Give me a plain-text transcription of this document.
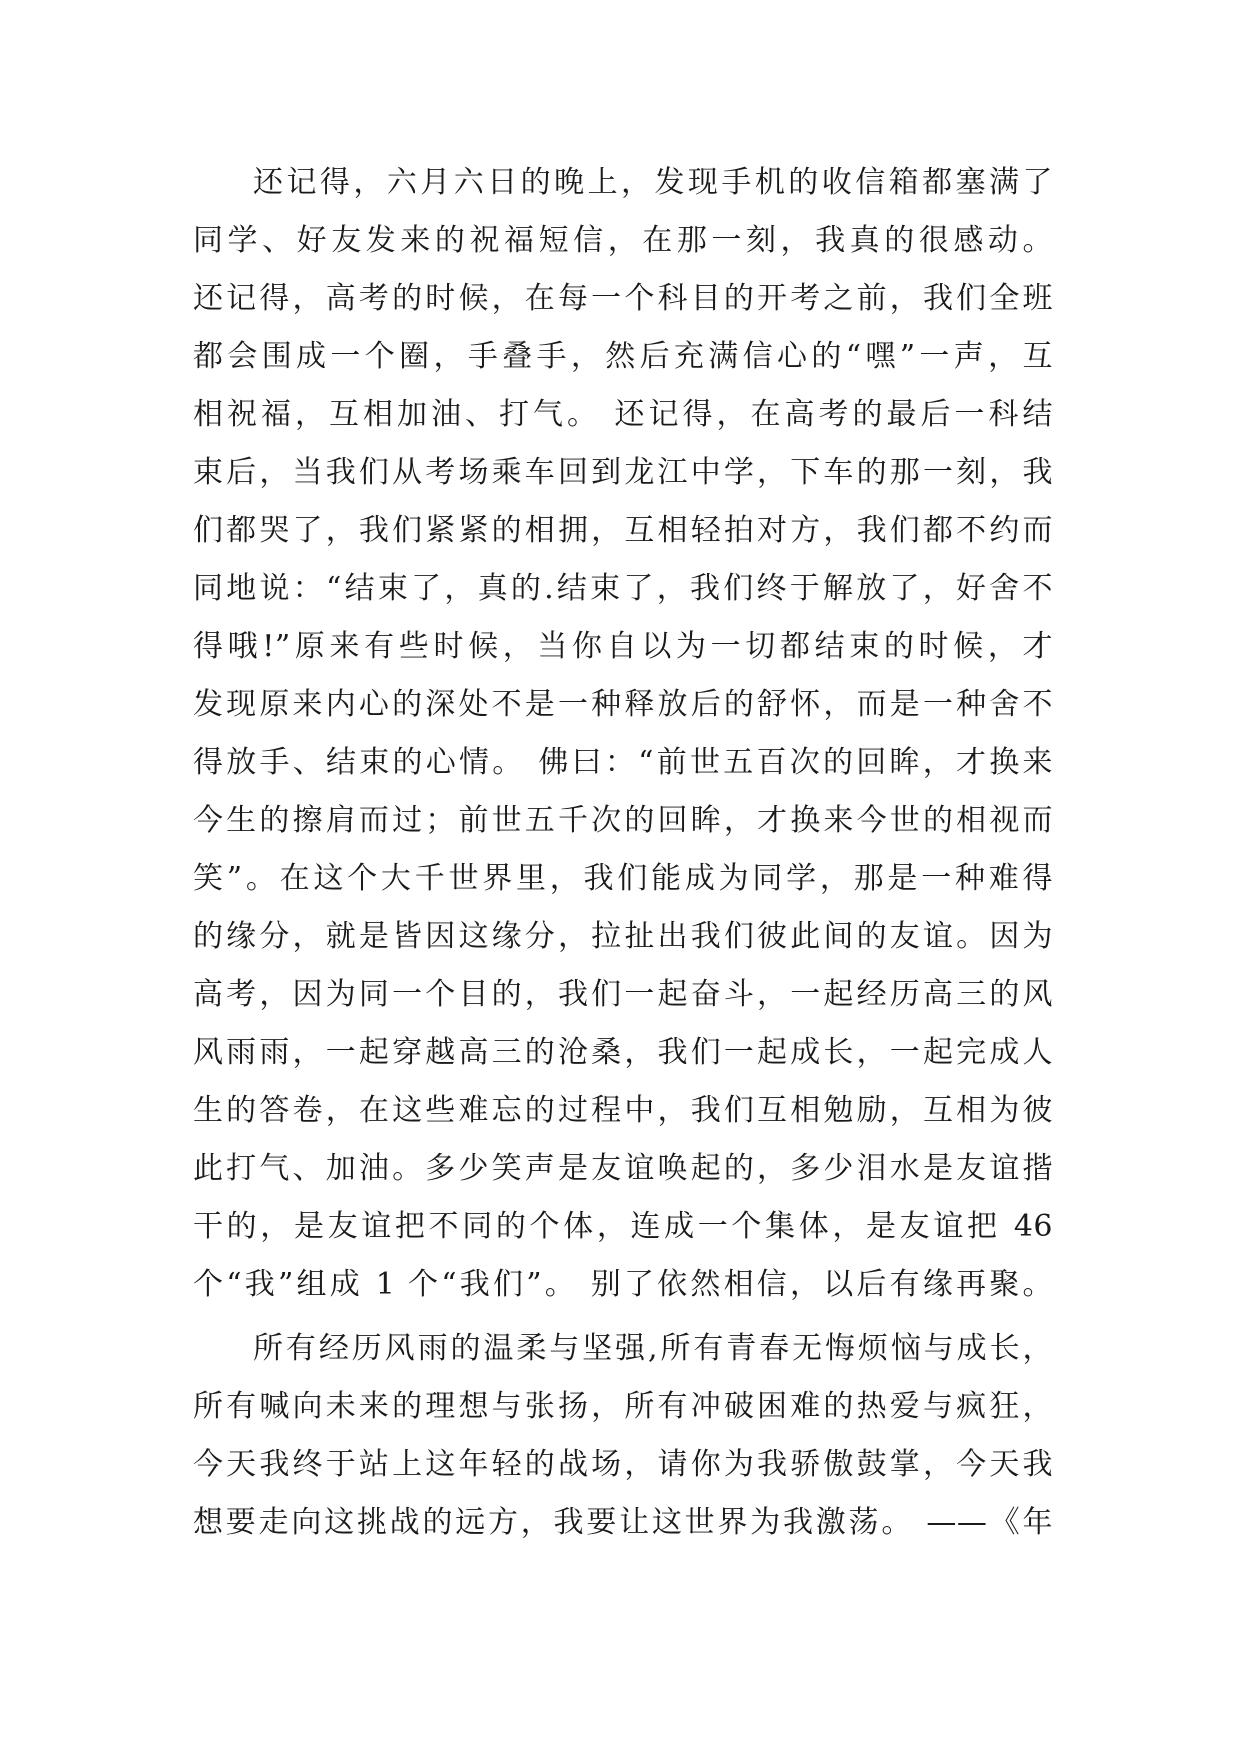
还记得，六月六日的晚上，发现手机的收信箱都塞满了
同学、好友发来的祝福短信，在那一刻，我真的很感动。
还记得，高考的时候，在每一个科目的开考之前，我们全班
都会围成一个圈，手叠手，然后充满信心的“嘿”一声，互
相祝福，互相加油、打气。 还记得，在高考的最后一科结
束后，当我们从考场乘车回到龙江中学，下车的那一刻，我
们都哭了，我们紧紧的相拥，互相轻拍对方，我们都不约而
同地说：“结束了，真的.结束了，我们终于解放了，好舍不
得哦!”原来有些时候，当你自以为一切都结束的时候，才
发现原来内心的深处不是一种释放后的舒怀，而是一种舍不
得放手、结束的心情。 佛曰：“前世五百次的回眸，才换来
今生的擦肩而过；前世五千次的回眸，才换来今世的相视而
笑”。在这个大千世界里，我们能成为同学，那是一种难得
的缘分，就是皆因这缘分，拉扯出我们彼此间的友谊。因为
高考，因为同一个目的，我们一起奋斗，一起经历高三的风
风雨雨，一起穿越高三的沧桑，我们一起成长，一起完成人
生的答卷，在这些难忘的过程中，我们互相勉励，互相为彼
此打气、加油。多少笑声是友谊唤起的，多少泪水是友谊揩
干的，是友谊把不同的个体，连成一个集体，是友谊把 46
个“我”组成 1 个“我们”。 别了依然相信，以后有缘再聚。
所有经历风雨的温柔与坚强,所有青春无悔烦恼与成长，
所有喊向未来的理想与张扬，所有冲破困难的热爱与疯狂，
今天我终于站上这年轻的战场，请你为我骄傲鼓掌，今天我
想要走向这挑战的远方，我要让这世界为我激荡。 ——《年
